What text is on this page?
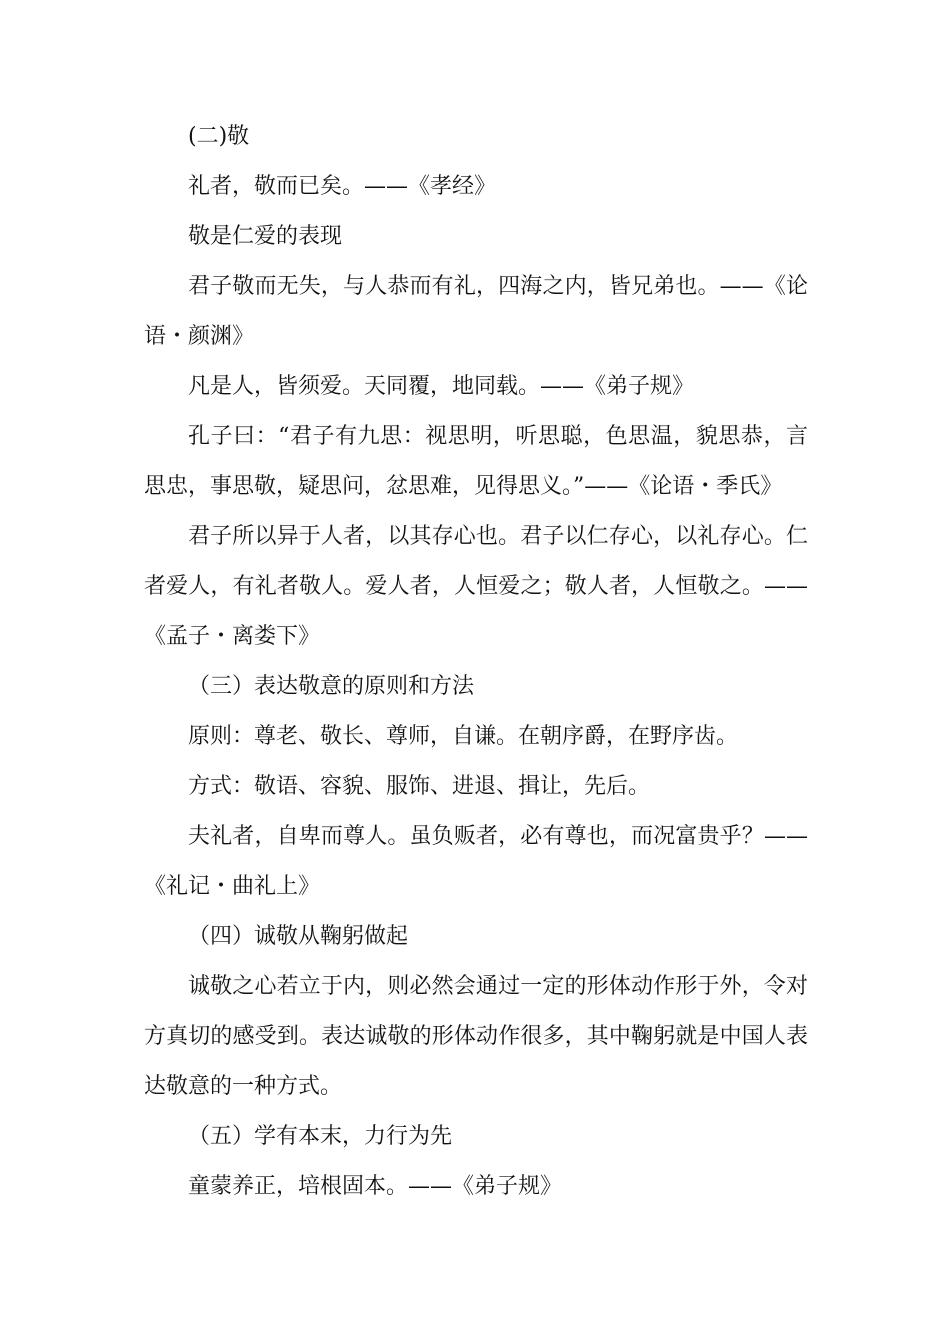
(二)敬

礼者，敬而已矣。——《孝经》

敬是仁爱的表现

君子敬而无失，与人恭而有礼，四海之内，皆兄弟也。——《论语・颜渊》

凡是人，皆须爱。天同覆，地同载。——《弟子规》

孔子曰：“君子有九思：视思明，听思聪，色思温，貌思恭，言思忠，事思敬，疑思问，忿思难，见得思义。”——《论语・季氏》

君子所以异于人者，以其存心也。君子以仁存心，以礼存心。仁者爱人，有礼者敬人。爱人者，人恒爱之；敬人者，人恒敬之。——《孟子・离娄下》

（三）表达敬意的原则和方法

原则：尊老、敬长、尊师，自谦。在朝序爵，在野序齿。

方式：敬语、容貌、服饰、进退、揖让，先后。

夫礼者，自卑而尊人。虽负贩者，必有尊也，而况富贵乎？——《礼记・曲礼上》

（四）诚敬从鞠躬做起

诚敬之心若立于内，则必然会通过一定的形体动作形于外，令对方真切的感受到。表达诚敬的形体动作很多，其中鞠躬就是中国人表达敬意的一种方式。

（五）学有本末，力行为先

童蒙养正，培根固本。——《弟子规》
